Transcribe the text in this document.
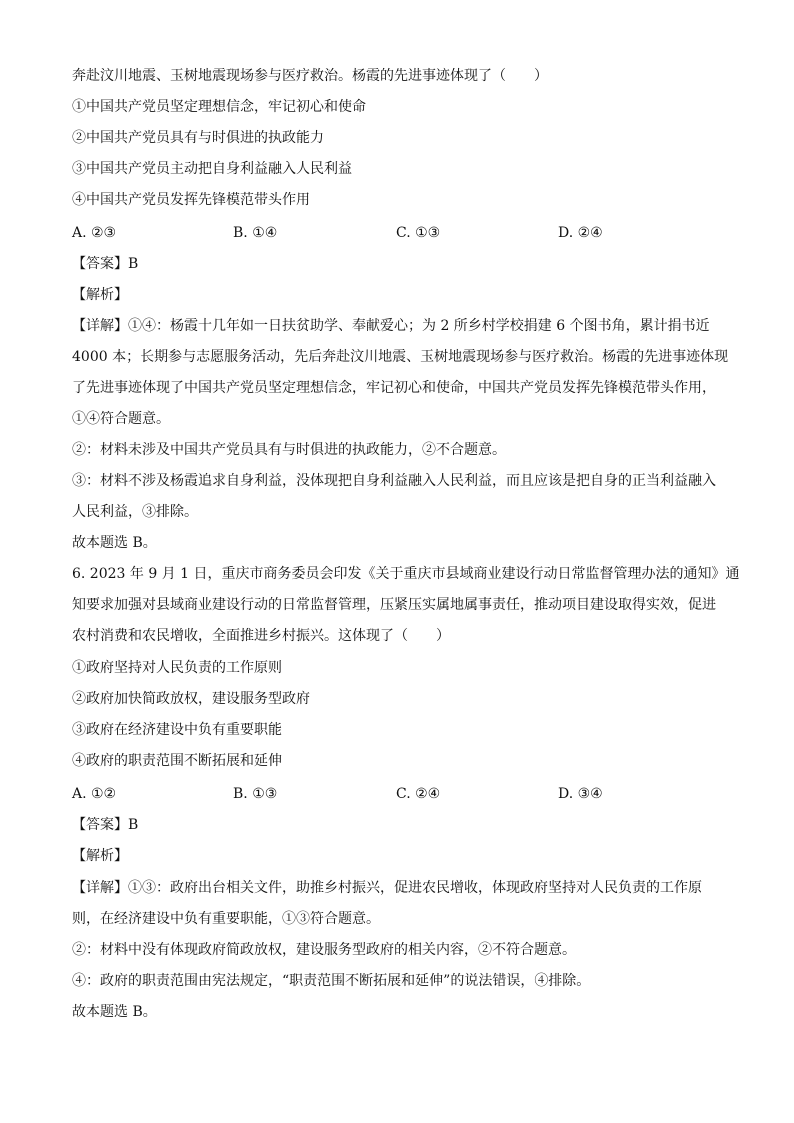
奔赴汶川地震、玉树地震现场参与医疗救治。杨霞的先进事迹体现了（　　）
①中国共产党员坚定理想信念，牢记初心和使命
②中国共产党员具有与时俱进的执政能力
③中国共产党员主动把自身利益融入人民利益
④中国共产党员发挥先锋模范带头作用
A. ②③	B. ①④	C. ①③	D. ②④
【答案】B
【解析】
【详解】①④：杨霞十几年如一日扶贫助学、奉献爱心；为 2 所乡村学校捐建 6 个图书角，累计捐书近
4000 本；长期参与志愿服务活动，先后奔赴汶川地震、玉树地震现场参与医疗救治。杨霞的先进事迹体现
了先进事迹体现了中国共产党员坚定理想信念，牢记初心和使命，中国共产党员发挥先锋模范带头作用，
①④符合题意。
②：材料未涉及中国共产党员具有与时俱进的执政能力，②不合题意。
③：材料不涉及杨霞追求自身利益，没体现把自身利益融入人民利益，而且应该是把自身的正当利益融入
人民利益，③排除。
故本题选 B。
6. 2023 年 9 月 1 日，重庆市商务委员会印发《关于重庆市县域商业建设行动日常监督管理办法的通知》通
知要求加强对县域商业建设行动的日常监督管理，压紧压实属地属事责任，推动项目建设取得实效，促进
农村消费和农民增收，全面推进乡村振兴。这体现了（　　）
①政府坚持对人民负责的工作原则
②政府加快简政放权，建设服务型政府
③政府在经济建设中负有重要职能
④政府的职责范围不断拓展和延伸
A. ①②	B. ①③	C. ②④	D. ③④
【答案】B
【解析】
【详解】①③：政府出台相关文件，助推乡村振兴，促进农民增收，体现政府坚持对人民负责的工作原
则，在经济建设中负有重要职能，①③符合题意。
②：材料中没有体现政府简政放权，建设服务型政府的相关内容，②不符合题意。
④：政府的职责范围由宪法规定，“职责范围不断拓展和延伸”的说法错误，④排除。
故本题选 B。
